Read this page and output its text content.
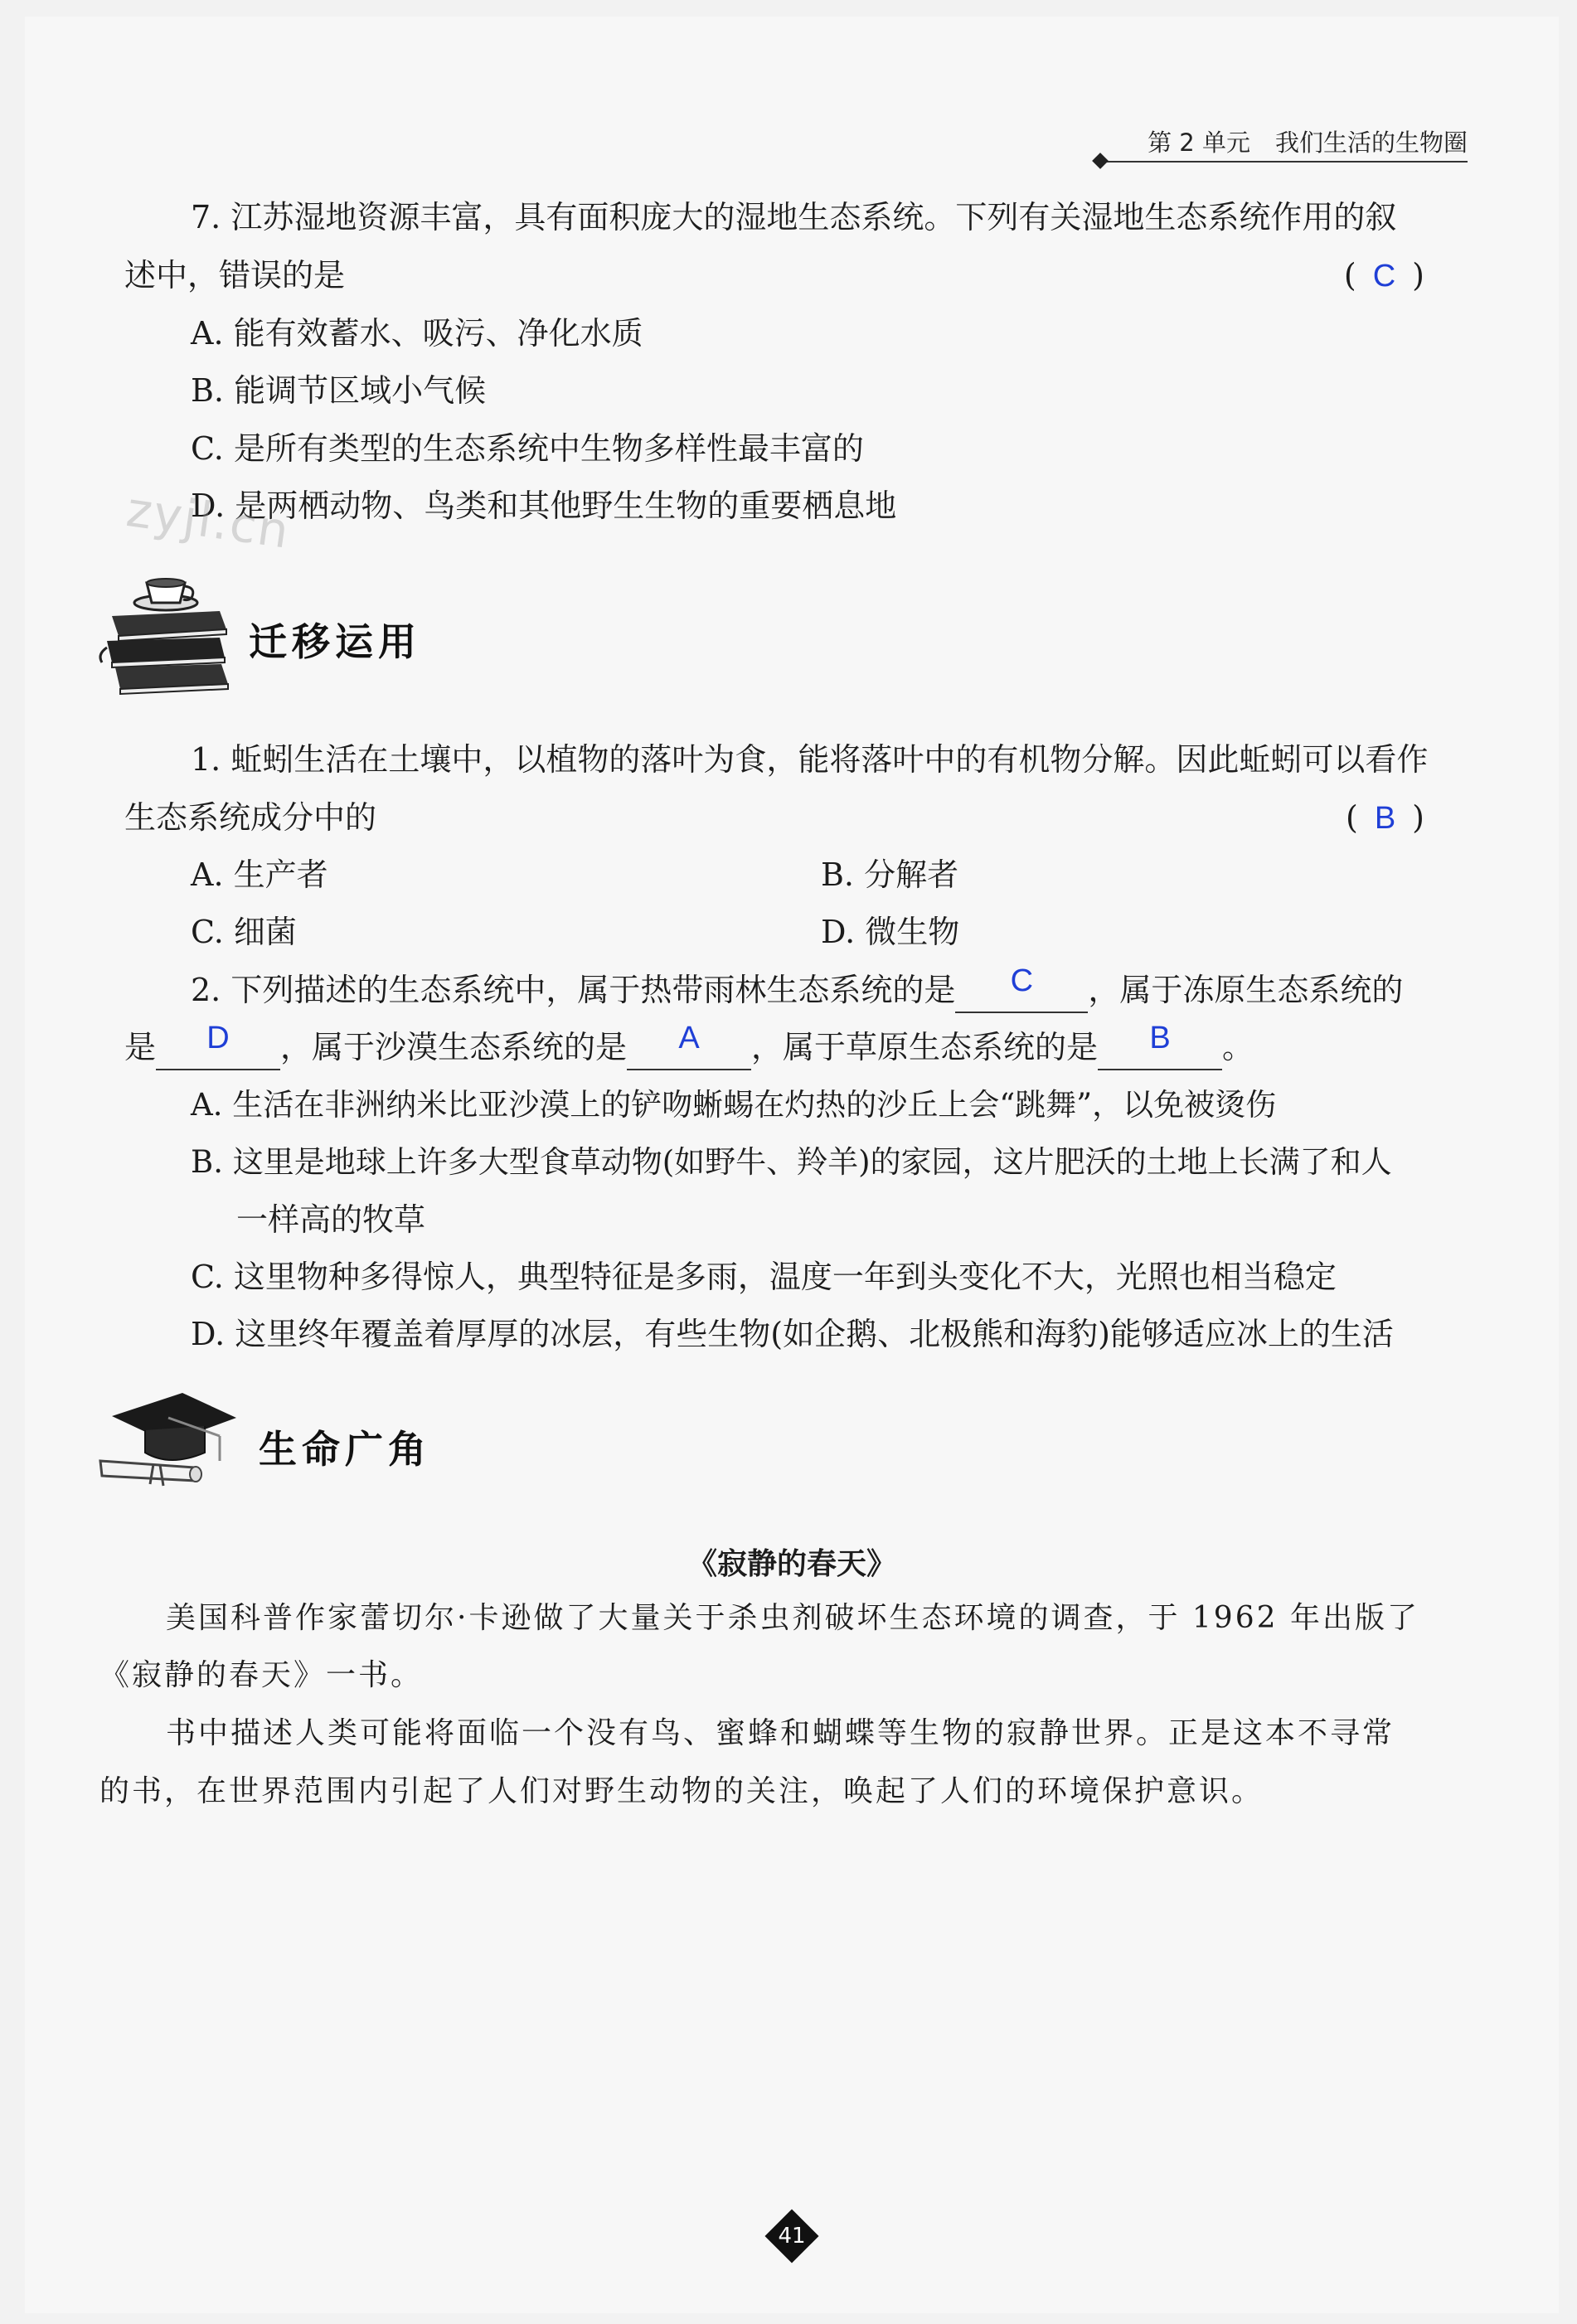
第 2 单元 我们生活的生物圈
7. 江苏湿地资源丰富，具有面积庞大的湿地生态系统。下列有关湿地生态系统作用的叙
述中，错误的是	( C )
A. 能有效蓄水、吸污、净化水质
B. 能调节区域小气候
C. 是所有类型的生态系统中生物多样性最丰富的
D. 是两栖动物、鸟类和其他野生生物的重要栖息地
zyjl.cn
迁移运用
1. 蚯蚓生活在土壤中，以植物的落叶为食，能将落叶中的有机物分解。因此蚯蚓可以看作
生态系统成分中的	( B )
A. 生产者	B. 分解者
C. 细菌	D. 微生物
2. 下列描述的生态系统中，属于热带雨林生态系统的是 C ，属于冻原生态系统的
是 D ，属于沙漠生态系统的是 A ，属于草原生态系统的是 B 。
A. 生活在非洲纳米比亚沙漠上的铲吻蜥蜴在灼热的沙丘上会“跳舞”，以免被烫伤
B. 这里是地球上许多大型食草动物(如野牛、羚羊)的家园，这片肥沃的土地上长满了和人
一样高的牧草
C. 这里物种多得惊人，典型特征是多雨，温度一年到头变化不大，光照也相当稳定
D. 这里终年覆盖着厚厚的冰层，有些生物(如企鹅、北极熊和海豹)能够适应冰上的生活
生命广角
《寂静的春天》
美国科普作家蕾切尔·卡逊做了大量关于杀虫剂破坏生态环境的调查，于 1962 年出版了
《寂静的春天》一书。
书中描述人类可能将面临一个没有鸟、蜜蜂和蝴蝶等生物的寂静世界。正是这本不寻常
的书，在世界范围内引起了人们对野生动物的关注，唤起了人们的环境保护意识。
41
